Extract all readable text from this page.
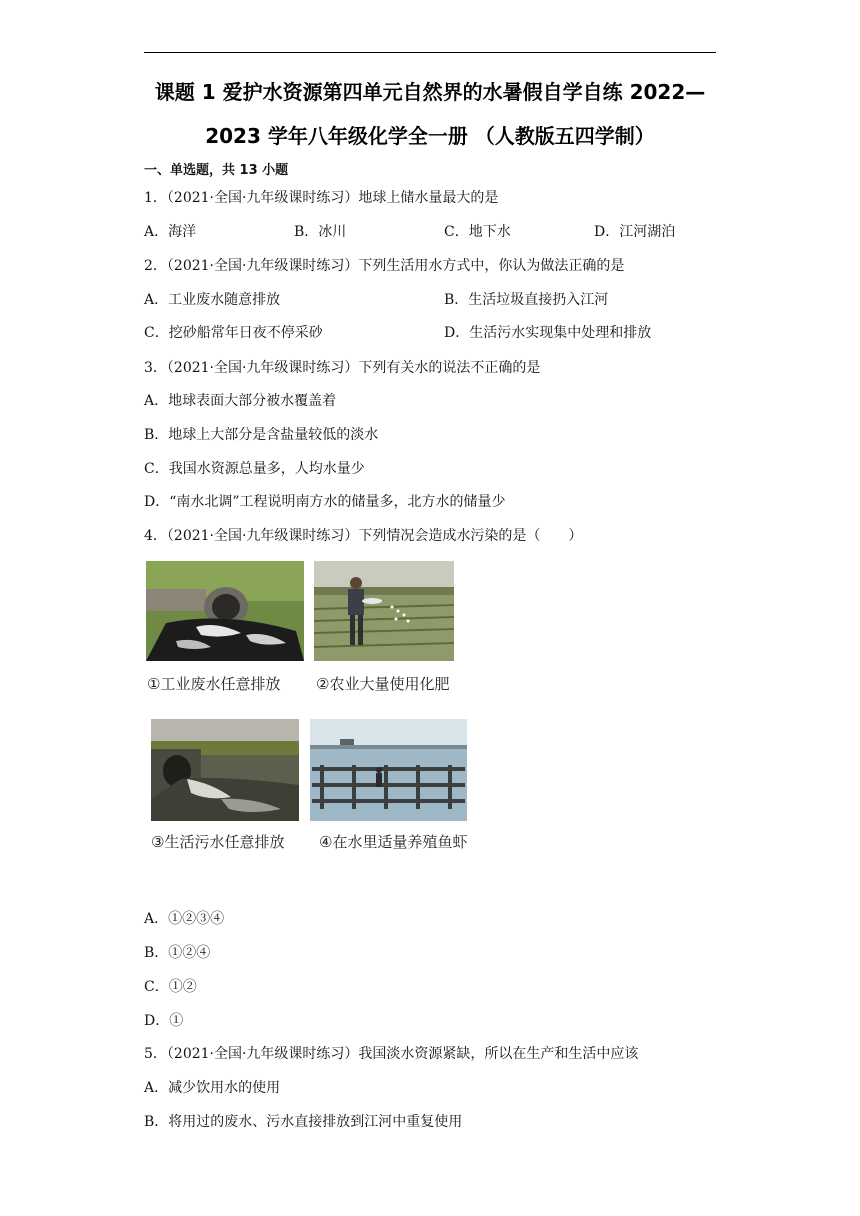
课题 1 爱护水资源第四单元自然界的水暑假自学自练 2022—
2023 学年八年级化学全一册 （人教版五四学制）
一、单选题，共 13 小题
1．（2021·全国·九年级课时练习）地球上储水量最大的是
A．海洋	B．冰川	C．地下水	D．江河湖泊
2．（2021·全国·九年级课时练习）下列生活用水方式中，你认为做法正确的是
A．工业废水随意排放	B．生活垃圾直接扔入江河
C．挖砂船常年日夜不停采砂	D．生活污水实现集中处理和排放
3．（2021·全国·九年级课时练习）下列有关水的说法不正确的是
A．地球表面大部分被水覆盖着
B．地球上大部分是含盐量较低的淡水
C．我国水资源总量多，人均水量少
D．“南水北调”工程说明南方水的储量多，北方水的储量少
4．（2021·全国·九年级课时练习）下列情况会造成水污染的是（　　）
①工业废水任意排放 ②农业大量使用化肥
③生活污水任意排放 ④在水里适量养殖鱼虾
A．①②③④
B．①②④
C．①②
D．①
5．（2021·全国·九年级课时练习）我国淡水资源紧缺，所以在生产和生活中应该
A．减少饮用水的使用
B．将用过的废水、污水直接排放到江河中重复使用
